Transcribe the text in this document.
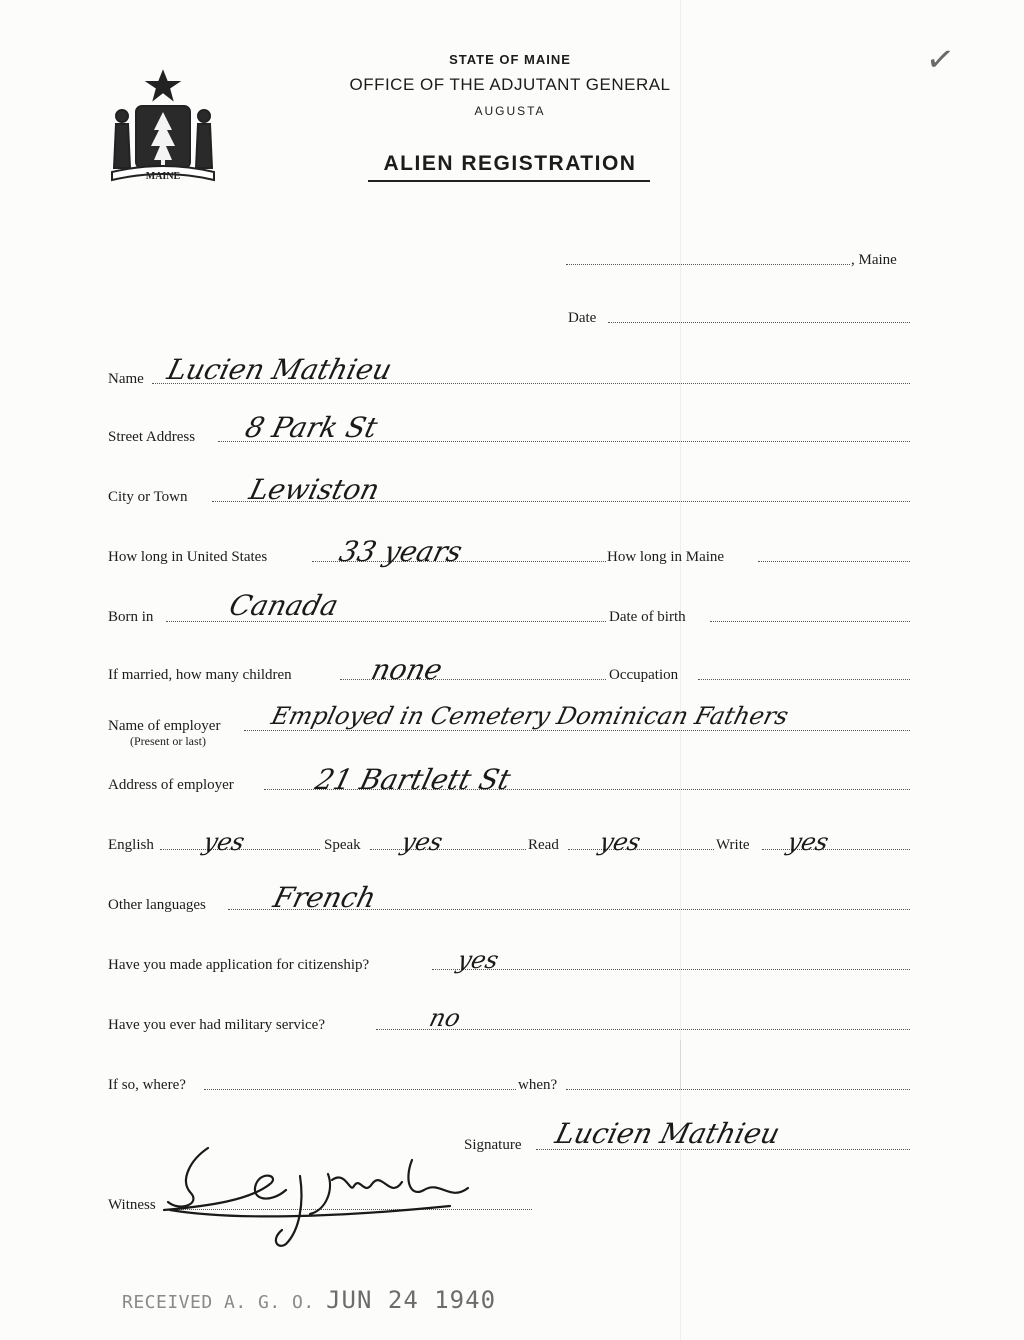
MAINE
STATE OF MAINE
OFFICE OF THE ADJUTANT GENERAL
AUGUSTA
ALIEN REGISTRATION
✓
, Maine
Date
Name Lucien Mathieu
Street Address 8 Park St
City or Town Lewiston
How long in United States 33 years	How long in Maine
Born in	Canada	Date of birth
If married, how many children	none	Occupation
Name of employer
(Present or last)
Employed in Cemetery Dominican Fathers
Address of employer	21 Bartlett St
English yes	Speak yes	Read yes	Write yes
Other languages French
Have you made application for citizenship?	yes
Have you ever had military service?	no
If so, where?	when?
Signature Lucien Mathieu
Witness
RECEIVED A. G. O. JUN 24 1940
